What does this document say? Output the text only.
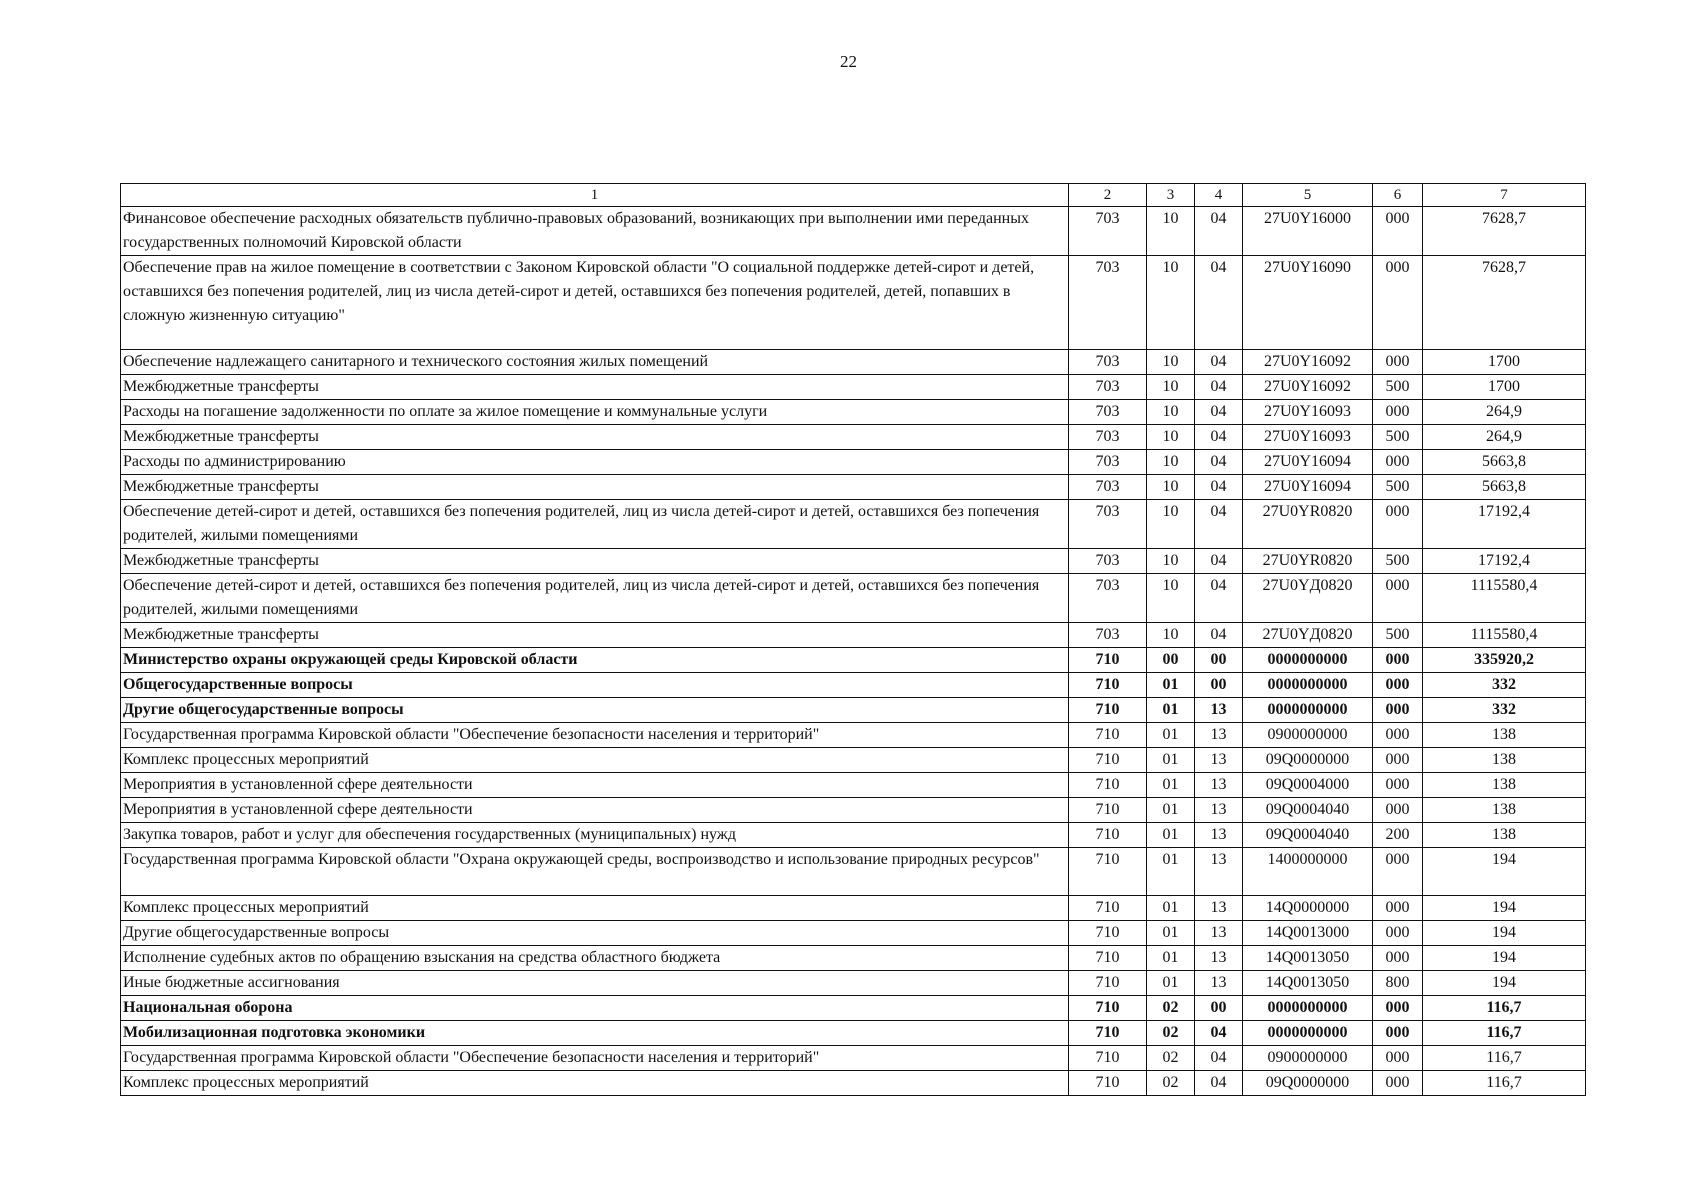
22
1	2	3	4	5	6	7
Финансовое обеспечение расходных обязательств публично-правовых образований, возникающих при выполнении ими переданных государственных полномочий Кировской области	703	10	04	27U0Y16000	000	7628,7
Обеспечение прав на жилое помещение в соответствии с Законом Кировской области "О социальной поддержке детей-сирот и детей, оставшихся без попечения родителей, лиц из числа детей-сирот и детей, оставшихся без попечения родителей, детей, попавших в сложную жизненную ситуацию"	703	10	04	27U0Y16090	000	7628,7
Обеспечение надлежащего санитарного и технического состояния жилых помещений	703	10	04	27U0Y16092	000	1700
Межбюджетные трансферты	703	10	04	27U0Y16092	500	1700
Расходы на погашение задолженности по оплате за жилое помещение и коммунальные услуги	703	10	04	27U0Y16093	000	264,9
Межбюджетные трансферты	703	10	04	27U0Y16093	500	264,9
Расходы по администрированию	703	10	04	27U0Y16094	000	5663,8
Межбюджетные трансферты	703	10	04	27U0Y16094	500	5663,8
Обеспечение детей-сирот и детей, оставшихся без попечения родителей, лиц из числа детей-сирот и детей, оставшихся без попечения родителей, жилыми помещениями	703	10	04	27U0YR0820	000	17192,4
Межбюджетные трансферты	703	10	04	27U0YR0820	500	17192,4
Обеспечение детей-сирот и детей, оставшихся без попечения родителей, лиц из числа детей-сирот и детей, оставшихся без попечения родителей, жилыми помещениями	703	10	04	27U0YД0820	000	1115580,4
Межбюджетные трансферты	703	10	04	27U0YД0820	500	1115580,4
Министерство охраны окружающей среды Кировской области	710	00	00	0000000000	000	335920,2
Общегосударственные вопросы	710	01	00	0000000000	000	332
Другие общегосударственные вопросы	710	01	13	0000000000	000	332
Государственная программа Кировской области "Обеспечение безопасности населения и территорий"	710	01	13	0900000000	000	138
Комплекс процессных мероприятий	710	01	13	09Q0000000	000	138
Мероприятия в установленной сфере деятельности	710	01	13	09Q0004000	000	138
Мероприятия в установленной сфере деятельности	710	01	13	09Q0004040	000	138
Закупка товаров, работ и услуг для обеспечения государственных (муниципальных) нужд	710	01	13	09Q0004040	200	138
Государственная программа Кировской области "Охрана окружающей среды, воспроизводство и использование природных ресурсов"	710	01	13	1400000000	000	194
Комплекс процессных мероприятий	710	01	13	14Q0000000	000	194
Другие общегосударственные вопросы	710	01	13	14Q0013000	000	194
Исполнение судебных актов по обращению взыскания на средства областного бюджета	710	01	13	14Q0013050	000	194
Иные бюджетные ассигнования	710	01	13	14Q0013050	800	194
Национальная оборона	710	02	00	0000000000	000	116,7
Мобилизационная подготовка экономики	710	02	04	0000000000	000	116,7
Государственная программа Кировской области "Обеспечение безопасности населения и территорий"	710	02	04	0900000000	000	116,7
Комплекс процессных мероприятий	710	02	04	09Q0000000	000	116,7
